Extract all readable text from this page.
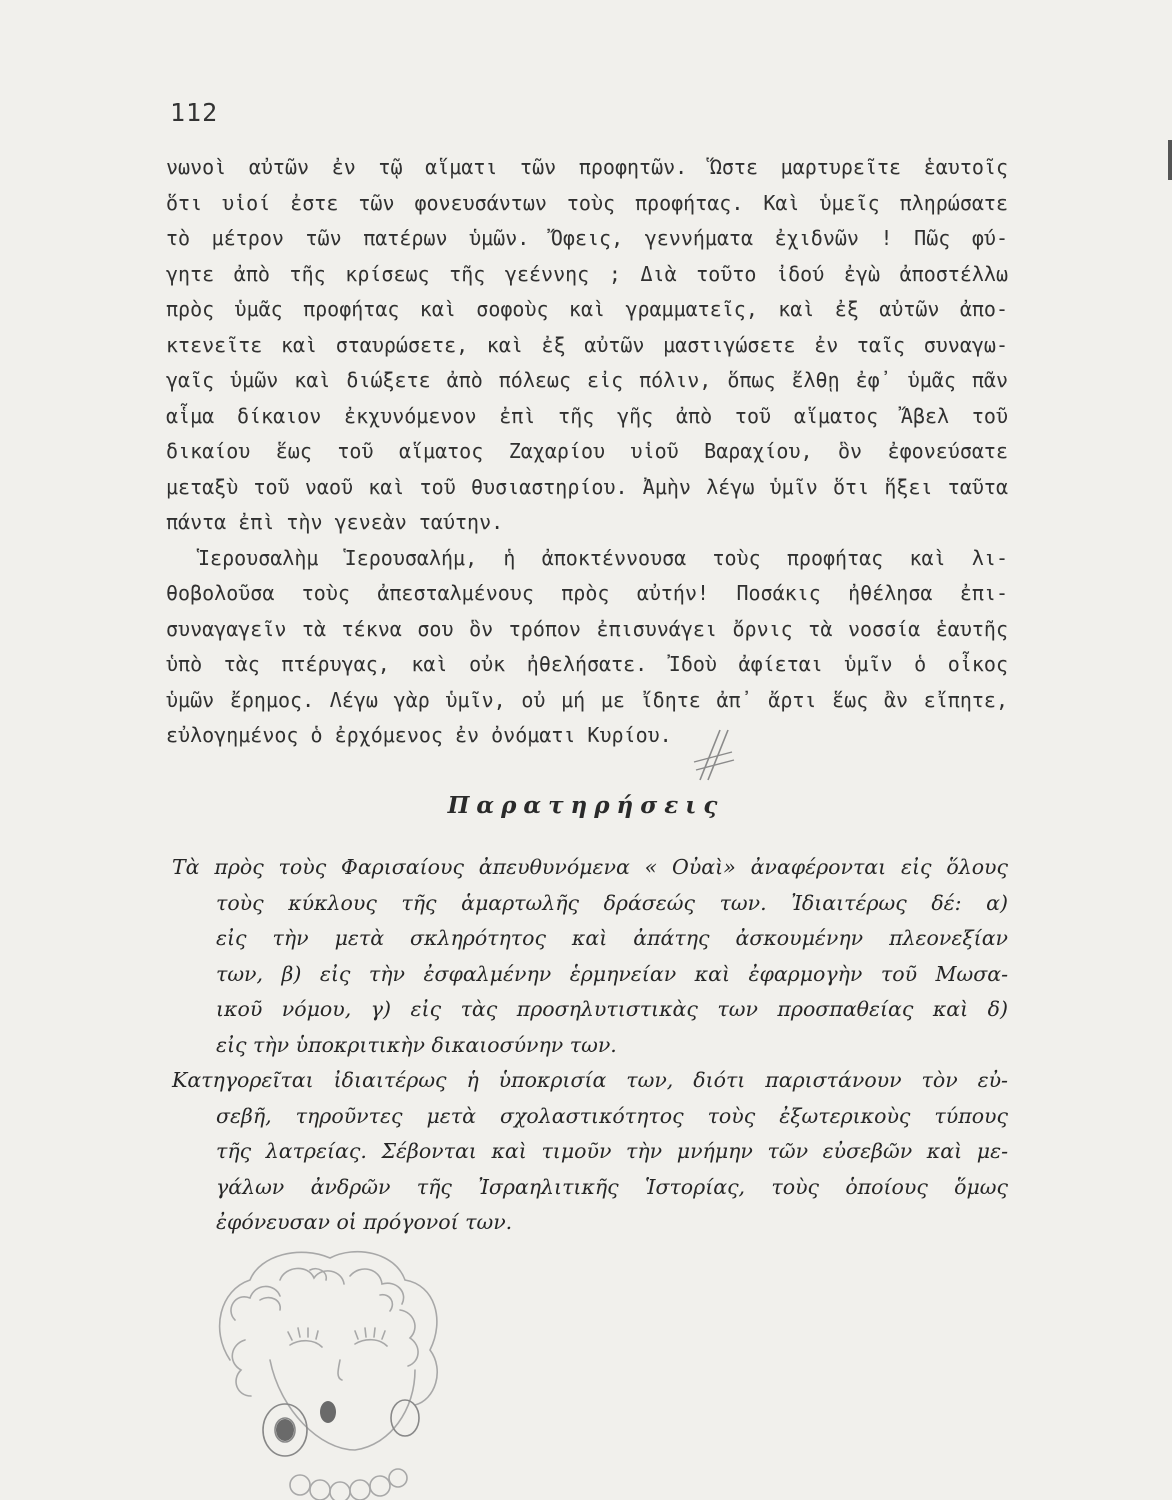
112
νωνοὶ αὐτῶν ἐν τῷ αἵματι τῶν προφητῶν. Ὥστε μαρτυρεῖτε ἑαυτοῖς
ὅτι υἱοί ἐστε τῶν φονευσάντων τοὺς προφήτας. Καὶ ὑμεῖς πληρώσατε
τὸ μέτρον τῶν πατέρων ὑμῶν. Ὄφεις, γεννήματα ἐχιδνῶν ! Πῶς φύ-
γητε ἀπὸ τῆς κρίσεως τῆς γεέννης ; Διὰ τοῦτο ἰδού ἐγὼ ἀποστέλλω
πρὸς ὑμᾶς προφήτας καὶ σοφοὺς καὶ γραμματεῖς, καὶ ἐξ αὐτῶν ἀπο-
κτενεῖτε καὶ σταυρώσετε, καὶ ἐξ αὐτῶν μαστιγώσετε ἐν ταῖς συναγω-
γαῖς ὑμῶν καὶ διώξετε ἀπὸ πόλεως εἰς πόλιν, ὅπως ἔλθῃ ἐφ᾽ ὑμᾶς πᾶν
αἷμα δίκαιον ἐκχυνόμενον ἐπὶ τῆς γῆς ἀπὸ τοῦ αἵματος Ἄβελ τοῦ
δικαίου ἕως τοῦ αἵματος Ζαχαρίου υἱοῦ Βαραχίου, ὃν ἐφονεύσατε
μεταξὺ τοῦ ναοῦ καὶ τοῦ θυσιαστηρίου. Ἀμὴν λέγω ὑμῖν ὅτι ἥξει ταῦτα
πάντα ἐπὶ τὴν γενεὰν ταύτην.
Ἱερουσαλὴμ Ἱερουσαλήμ, ἡ ἀποκτέννουσα τοὺς προφήτας καὶ λι-
θοβολοῦσα τοὺς ἀπεσταλμένους πρὸς αὐτήν! Ποσάκις ἠθέλησα ἐπι-
συναγαγεῖν τὰ τέκνα σου ὃν τρόπον ἐπισυνάγει ὄρνις τὰ νοσσία ἑαυτῆς
ὑπὸ τὰς πτέρυγας, καὶ οὐκ ἠθελήσατε. Ἰδοὺ ἀφίεται ὑμῖν ὁ οἶκος
ὑμῶν ἔρημος. Λέγω γὰρ ὑμῖν, οὐ μή με ἴδητε ἀπ᾽ ἄρτι ἕως ἂν εἴπητε,
εὐλογημένος ὁ ἐρχόμενος ἐν ὀνόματι Κυρίου.
Παρατηρήσεις
Τὰ πρὸς τοὺς Φαρισαίους ἀπευθυνόμενα « Οὐαὶ» ἀναφέρονται εἰς ὅλους
τοὺς κύκλους τῆς ἁμαρτωλῆς δράσεώς των. Ἰδιαιτέρως δέ: α)
εἰς τὴν μετὰ σκληρότητος καὶ ἀπάτης ἀσκουμένην πλεονεξίαν
των, β) εἰς τὴν ἐσφαλμένην ἑρμηνείαν καὶ ἐφαρμογὴν τοῦ Μωσα-
ικοῦ νόμου, γ) εἰς τὰς προσηλυτιστικὰς των προσπαθείας καὶ δ)
εἰς τὴν ὑποκριτικὴν δικαιοσύνην των.
Κατηγορεῖται ἰδιαιτέρως ἡ ὑποκρισία των, διότι παριστάνουν τὸν εὐ-
σεβῆ, τηροῦντες μετὰ σχολαστικότητος τοὺς ἐξωτερικοὺς τύπους
τῆς λατρείας. Σέβονται καὶ τιμοῦν τὴν μνήμην τῶν εὐσεβῶν καὶ με-
γάλων ἀνδρῶν τῆς Ἰσραηλιτικῆς Ἱστορίας, τοὺς ὁποίους ὅμως
ἐφόνευσαν οἱ πρόγονοί των.
